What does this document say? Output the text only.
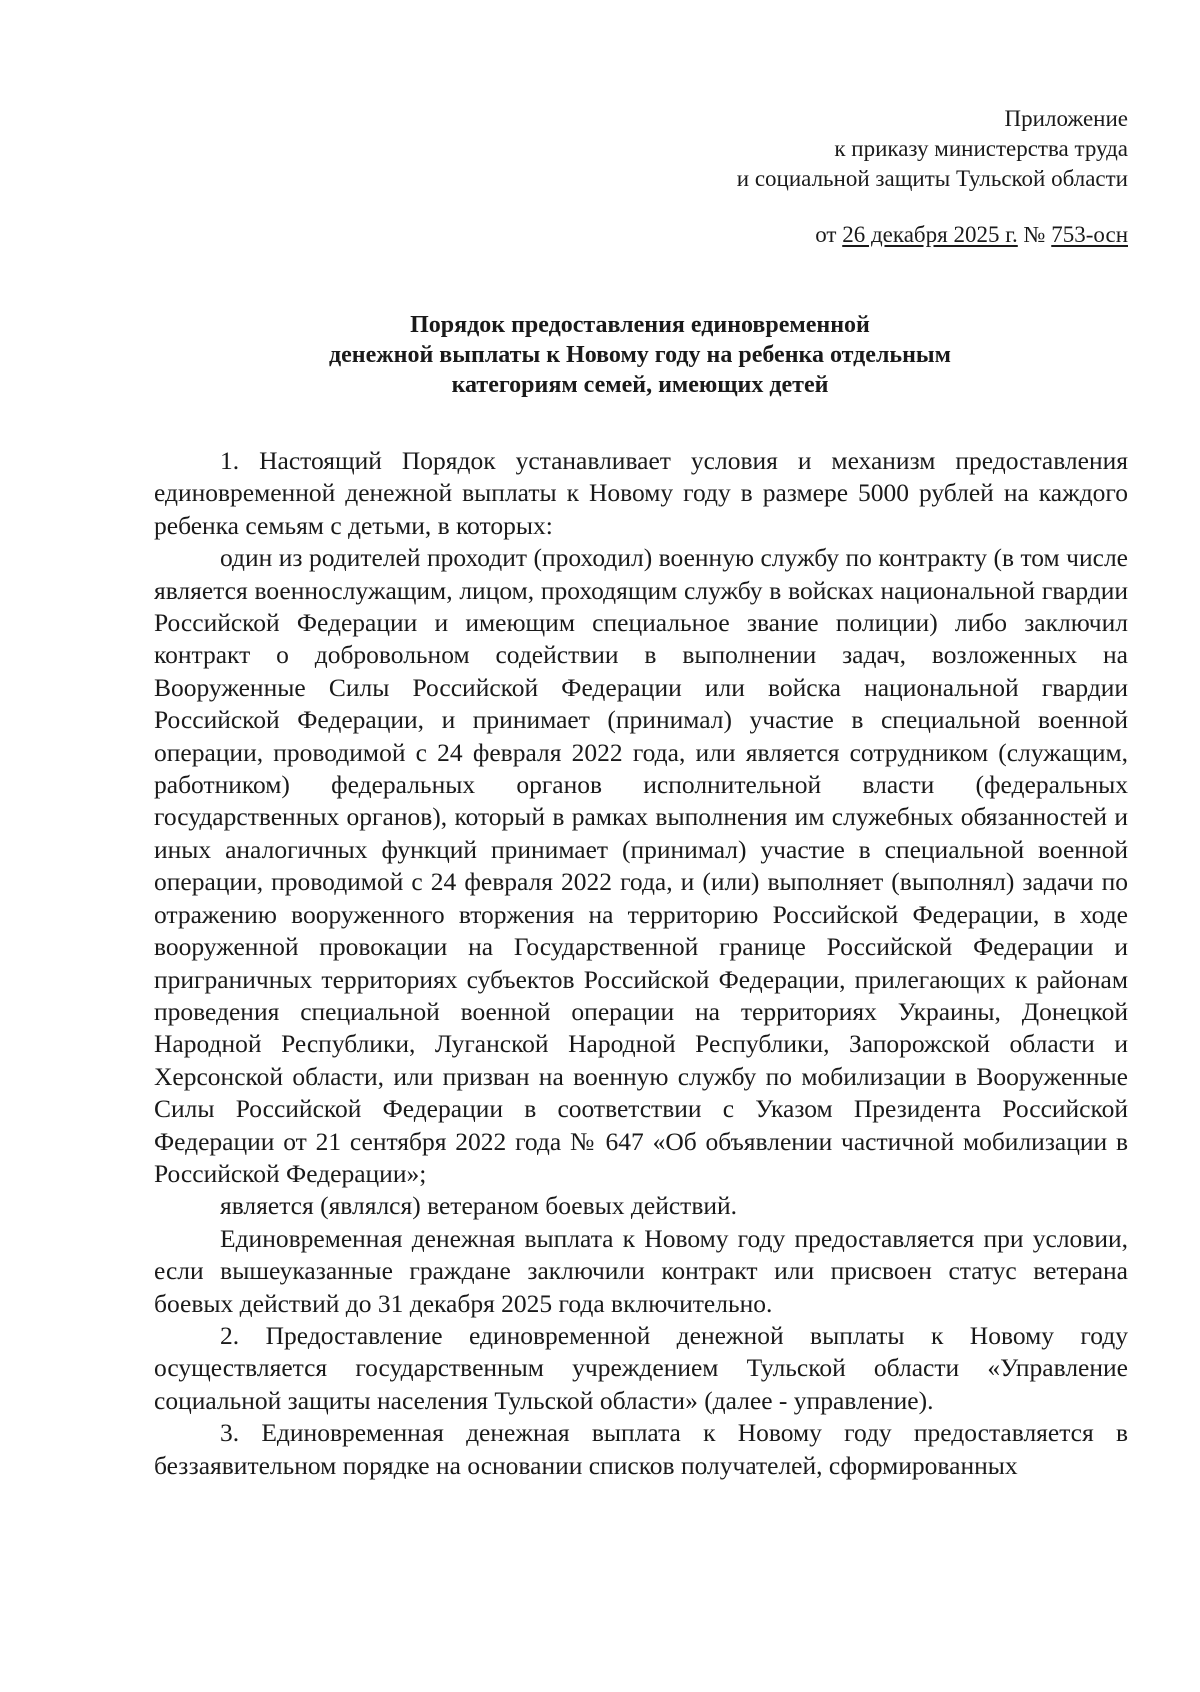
Приложение
к приказу министерства труда
и социальной защиты Тульской области
от 26 декабря 2025 г. № 753-осн
Порядок предоставления единовременной
денежной выплаты к Новому году на ребенка отдельным
категориям семей, имеющих детей

1. Настоящий Порядок устанавливает условия и механизм предоставления единовременной денежной выплаты к Новому году в размере 5000 рублей на каждого ребенка семьям с детьми, в которых:

один из родителей проходит (проходил) военную службу по контракту (в том числе является военнослужащим, лицом, проходящим службу в войсках национальной гвардии Российской Федерации и имеющим специальное звание полиции) либо заключил контракт о добровольном содействии в выполнении задач, возложенных на Вооруженные Силы Российской Федерации или войска национальной гвардии Российской Федерации, и принимает (принимал) участие в специальной военной операции, проводимой с 24 февраля 2022 года, или является сотрудником (служащим, работником) федеральных органов исполнительной власти (федеральных государственных органов), который в рамках выполнения им служебных обязанностей и иных аналогичных функций принимает (принимал) участие в специальной военной операции, проводимой с 24 февраля 2022 года, и (или) выполняет (выполнял) задачи по отражению вооруженного вторжения на территорию Российской Федерации, в ходе вооруженной провокации на Государственной границе Российской Федерации и приграничных территориях субъектов Российской Федерации, прилегающих к районам проведения специальной военной операции на территориях Украины, Донецкой Народной Республики, Луганской Народной Республики, Запорожской области и Херсонской области, или призван на военную службу по мобилизации в Вооруженные Силы Российской Федерации в соответствии с Указом Президента Российской Федерации от 21 сентября 2022 года № 647 «Об объявлении частичной мобилизации в Российской Федерации»;

является (являлся) ветераном боевых действий.

Единовременная денежная выплата к Новому году предоставляется при условии, если вышеуказанные граждане заключили контракт или присвоен статус ветерана боевых действий до 31 декабря 2025 года включительно.

2. Предоставление единовременной денежной выплаты к Новому году осуществляется государственным учреждением Тульской области «Управление социальной защиты населения Тульской области» (далее - управление).

3. Единовременная денежная выплата к Новому году предоставляется в беззаявительном порядке на основании списков получателей, сформированных
